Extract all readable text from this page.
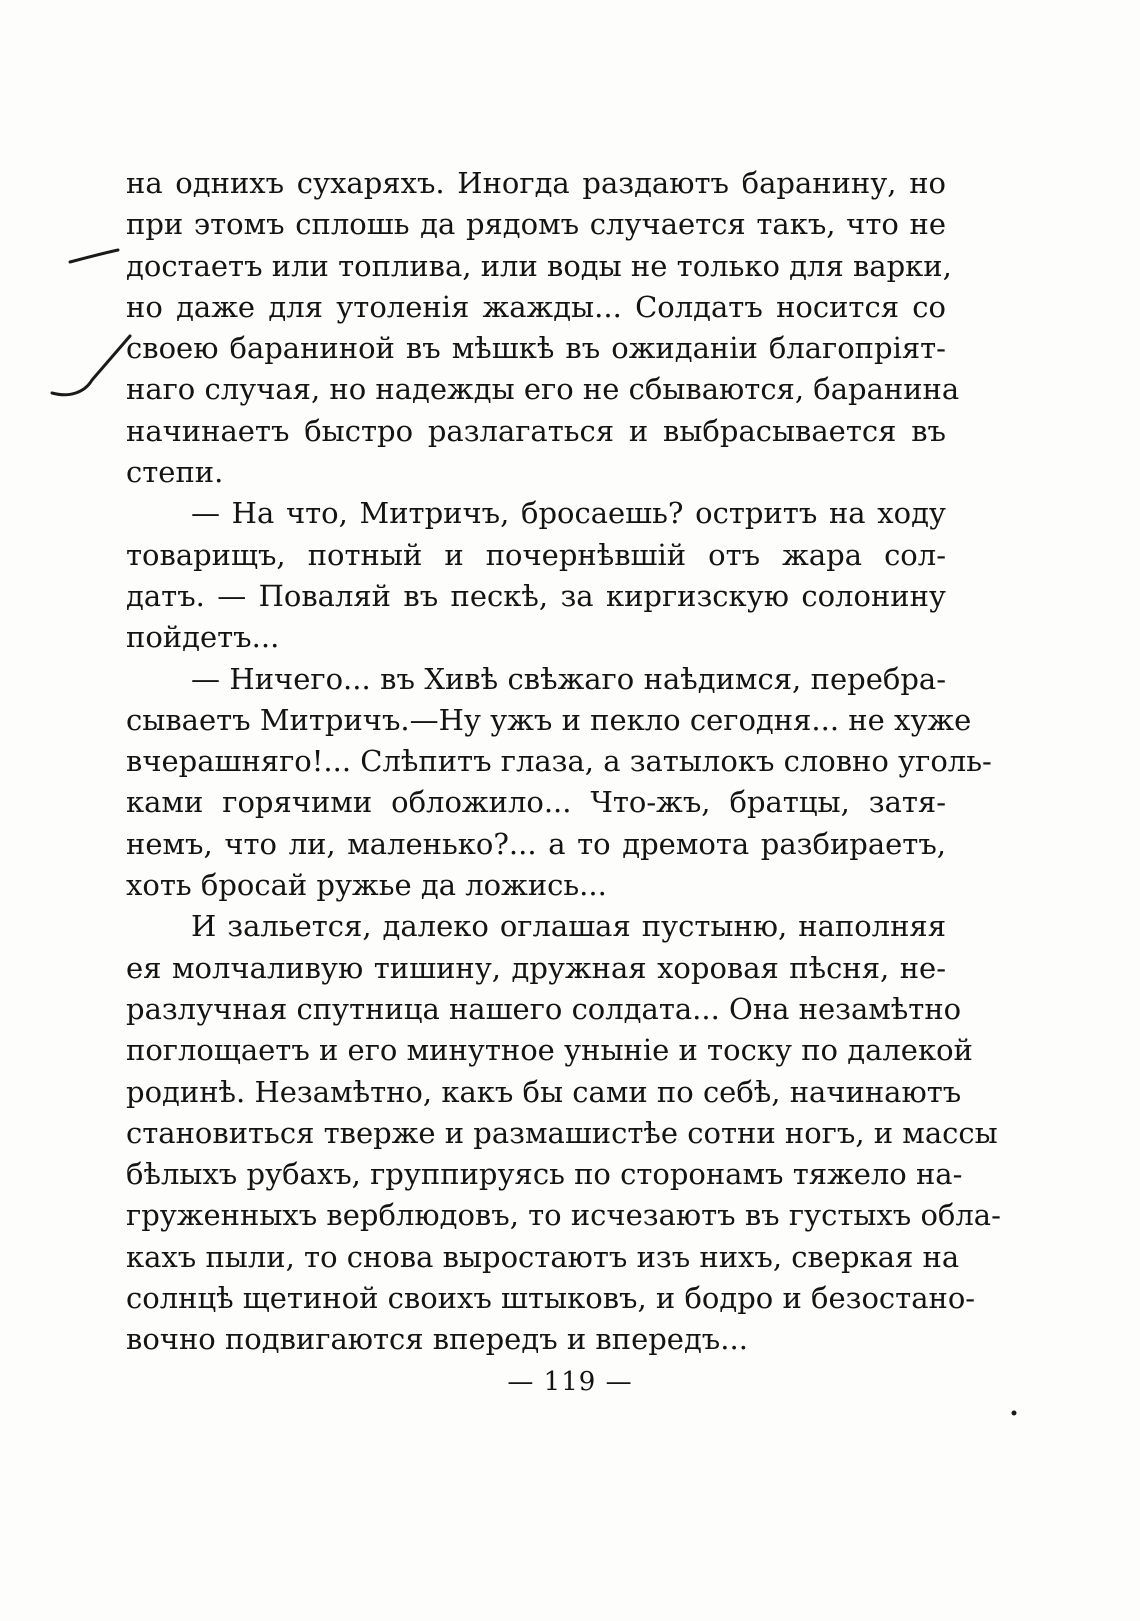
на однихъ сухаряхъ. Иногда раздаютъ баранину, но
при этомъ сплошь да рядомъ случается такъ, что не
достаетъ или топлива, или воды не только для варки,
но даже для утоленія жажды... Солдатъ носится со
своею бараниной въ мѣшкѣ въ ожиданіи благопріят-
наго случая, но надежды его не сбываются, баранина
начинаетъ быстро разлагаться и выбрасывается въ
степи.
— На что, Митричъ, бросаешь? остритъ на ходу
товарищъ, потный и почернѣвшій отъ жара сол-
датъ. — Поваляй въ пескѣ, за киргизскую солонину
пойдетъ...
— Ничего... въ Хивѣ свѣжаго наѣдимся, перебра-
сываетъ Митричъ.—Ну ужъ и пекло сегодня... не хуже
вчерашняго!... Слѣпитъ глаза, а затылокъ словно уголь-
ками горячими обложило... Что-жъ, братцы, затя-
немъ, что ли, маленько?... а то дремота разбираетъ,
хоть бросай ружье да ложись...
И зальется, далеко оглашая пустыню, наполняя
ея молчаливую тишину, дружная хоровая пѣсня, не-
разлучная спутница нашего солдата... Она незамѣтно
поглощаетъ и его минутное уныніе и тоску по далекой
родинѣ. Незамѣтно, какъ бы сами по себѣ, начинаютъ
становиться тверже и размашистѣе сотни ногъ, и массы
бѣлыхъ рубахъ, группируясь по сторонамъ тяжело на-
груженныхъ верблюдовъ, то исчезаютъ въ густыхъ обла-
кахъ пыли, то снова выростаютъ изъ нихъ, сверкая на
солнцѣ щетиной своихъ штыковъ, и бодро и безостано-
вочно подвигаются впередъ и впередъ...
— 119 —
